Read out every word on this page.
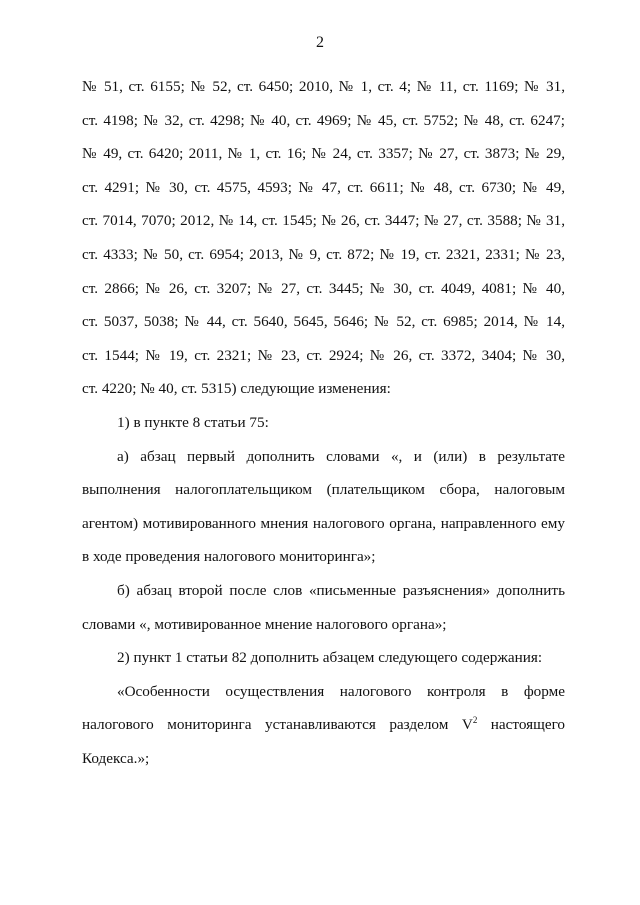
2
№ 51, ст. 6155; № 52, ст. 6450; 2010, № 1, ст. 4; № 11, ст. 1169; № 31,
ст. 4198; № 32, ст. 4298; № 40, ст. 4969; № 45, ст. 5752; № 48, ст. 6247;
№ 49, ст. 6420; 2011, № 1, ст. 16; № 24, ст. 3357; № 27, ст. 3873; № 29,
ст. 4291; № 30, ст. 4575, 4593; № 47, ст. 6611; № 48, ст. 6730; № 49,
ст. 7014, 7070; 2012, № 14, ст. 1545; № 26, ст. 3447; № 27, ст. 3588; № 31,
ст. 4333; № 50, ст. 6954; 2013, № 9, ст. 872; № 19, ст. 2321, 2331; № 23,
ст. 2866; № 26, ст. 3207; № 27, ст. 3445; № 30, ст. 4049, 4081; № 40,
ст. 5037, 5038; № 44, ст. 5640, 5645, 5646; № 52, ст. 6985; 2014, № 14,
ст. 1544; № 19, ст. 2321; № 23, ст. 2924; № 26, ст. 3372, 3404; № 30,
ст. 4220; № 40, ст. 5315) следующие изменения:
1) в пункте 8 статьи 75:
а) абзац первый дополнить словами «, и (или) в результате
выполнения налогоплательщиком (плательщиком сбора, налоговым
агентом) мотивированного мнения налогового органа, направленного ему
в ходе проведения налогового мониторинга»;
б) абзац второй после слов «письменные разъяснения» дополнить
словами «, мотивированное мнение налогового органа»;
2) пункт 1 статьи 82 дополнить абзацем следующего содержания:
«Особенности осуществления налогового контроля в форме
налогового мониторинга устанавливаются разделом $V^2$ настоящего
Кодекса.»;
